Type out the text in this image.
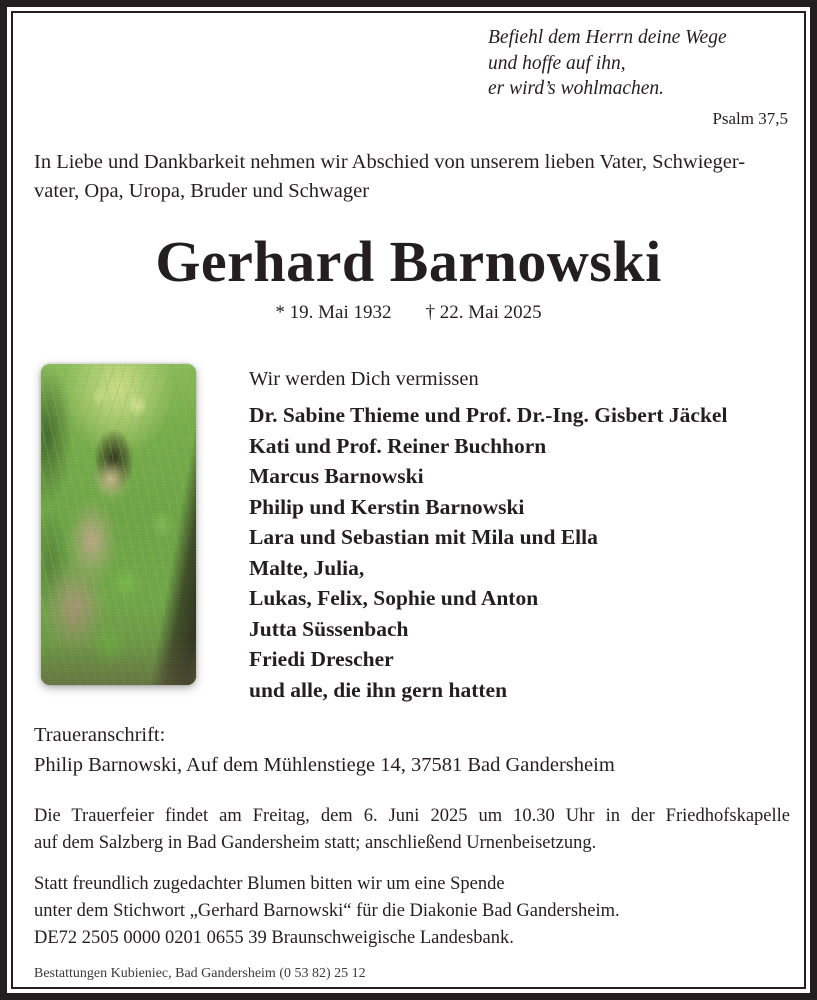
Befiehl dem Herrn deine Wege
und hoffe auf ihn,
er wird’s wohlmachen.
Psalm 37,5
In Liebe und Dankbarkeit nehmen wir Abschied von unserem lieben Vater, Schwieger-
vater, Opa, Uropa, Bruder und Schwager
Gerhard Barnowski
* 19. Mai 1932 † 22. Mai 2025
Wir werden Dich vermissen
Dr. Sabine Thieme und Prof. Dr.-Ing. Gisbert Jäckel
Kati und Prof. Reiner Buchhorn
Marcus Barnowski
Philip und Kerstin Barnowski
Lara und Sebastian mit Mila und Ella
Malte, Julia,
Lukas, Felix, Sophie und Anton
Jutta Süssenbach
Friedi Drescher
und alle, die ihn gern hatten
Traueranschrift:
Philip Barnowski, Auf dem Mühlenstiege 14, 37581 Bad Gandersheim
Die Trauerfeier findet am Freitag, dem 6. Juni 2025 um 10.30 Uhr in der Friedhofskapelle
auf dem Salzberg in Bad Gandersheim statt; anschließend Urnenbeisetzung.
Statt freundlich zugedachter Blumen bitten wir um eine Spende
unter dem Stichwort „Gerhard Barnowski“ für die Diakonie Bad Gandersheim.
DE72 2505 0000 0201 0655 39 Braunschweigische Landesbank.
Bestattungen Kubieniec, Bad Gandersheim (0 53 82) 25 12
